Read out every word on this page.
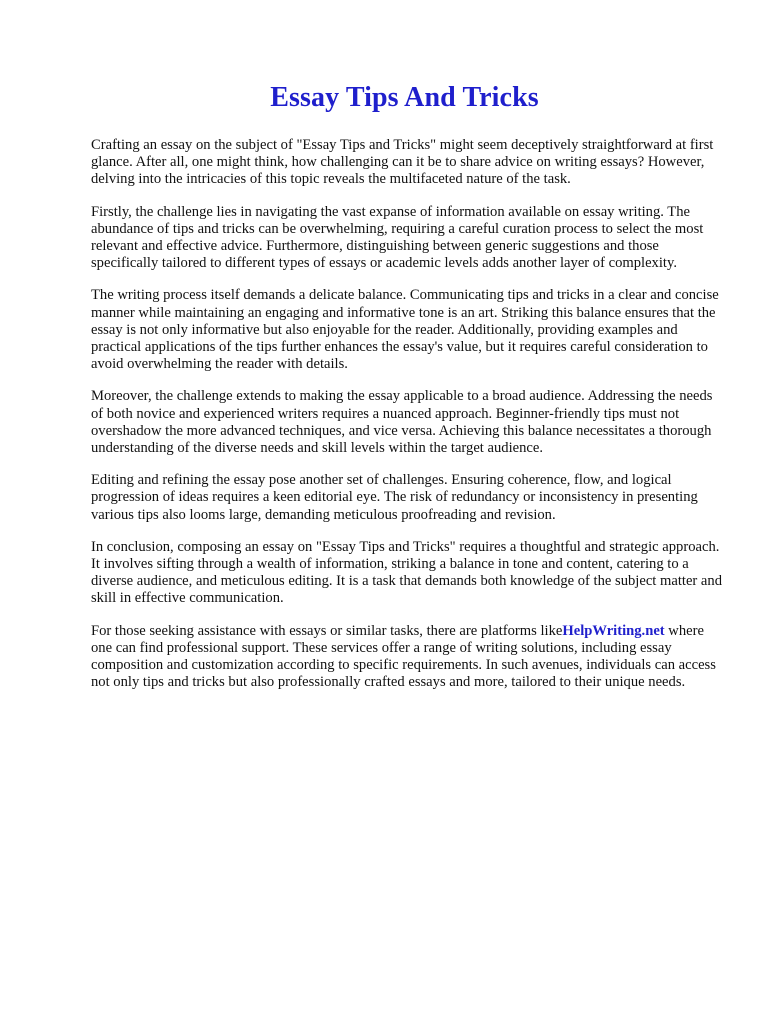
Essay Tips And Tricks

Crafting an essay on the subject of "Essay Tips and Tricks" might seem deceptively straightforward at first glance. After all, one might think, how challenging can it be to share advice on writing essays? However, delving into the intricacies of this topic reveals the multifaceted nature of the task.

Firstly, the challenge lies in navigating the vast expanse of information available on essay writing. The abundance of tips and tricks can be overwhelming, requiring a careful curation process to select the most relevant and effective advice. Furthermore, distinguishing between generic suggestions and those specifically tailored to different types of essays or academic levels adds another layer of complexity.

The writing process itself demands a delicate balance. Communicating tips and tricks in a clear and concise manner while maintaining an engaging and informative tone is an art. Striking this balance ensures that the essay is not only informative but also enjoyable for the reader. Additionally, providing examples and practical applications of the tips further enhances the essay's value, but it requires careful consideration to avoid overwhelming the reader with details.

Moreover, the challenge extends to making the essay applicable to a broad audience. Addressing the needs of both novice and experienced writers requires a nuanced approach. Beginner-friendly tips must not overshadow the more advanced techniques, and vice versa. Achieving this balance necessitates a thorough understanding of the diverse needs and skill levels within the target audience.

Editing and refining the essay pose another set of challenges. Ensuring coherence, flow, and logical progression of ideas requires a keen editorial eye. The risk of redundancy or inconsistency in presenting various tips also looms large, demanding meticulous proofreading and revision.

In conclusion, composing an essay on "Essay Tips and Tricks" requires a thoughtful and strategic approach. It involves sifting through a wealth of information, striking a balance in tone and content, catering to a diverse audience, and meticulous editing. It is a task that demands both knowledge of the subject matter and skill in effective communication.

For those seeking assistance with essays or similar tasks, there are platforms likeHelpWriting.net where one can find professional support. These services offer a range of writing solutions, including essay composition and customization according to specific requirements. In such avenues, individuals can access not only tips and tricks but also professionally crafted essays and more, tailored to their unique needs.
